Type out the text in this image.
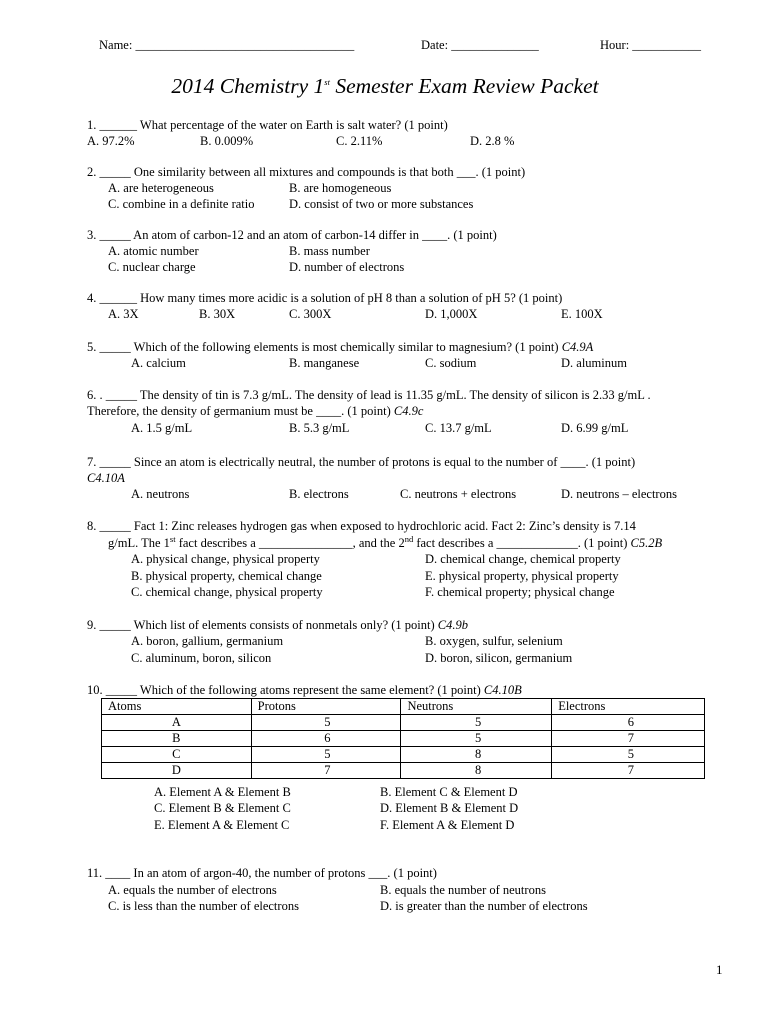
Name: ___________________________________	Date: ______________	Hour: ___________
2014 Chemistry 1st Semester Exam Review Packet
1. ______ What percentage of the water on Earth is salt water? (1 point)
A. 97.2%	B. 0.009%	C. 2.11%	D. 2.8 %
2. _____ One similarity between all mixtures and compounds is that both ___. (1 point)
A. are heterogeneous	B. are homogeneous
C. combine in a definite ratio	D. consist of two or more substances
3. _____ An atom of carbon-12 and an atom of carbon-14 differ in ____. (1 point)
A. atomic number	B. mass number
C. nuclear charge	D. number of electrons
4. ______ How many times more acidic is a solution of pH 8 than a solution of pH 5? (1 point)
A. 3X	B. 30X	C. 300X	D. 1,000X	E. 100X
5. _____ Which of the following elements is most chemically similar to magnesium? (1 point) C4.9A
A. calcium	B. manganese	C. sodium	D. aluminum
6. . _____ The density of tin is 7.3 g/mL. The density of lead is 11.35 g/mL. The density of silicon is 2.33 g/mL .
Therefore, the density of germanium must be ____. (1 point) C4.9c
A. 1.5 g/mL	B. 5.3 g/mL	C. 13.7 g/mL	D. 6.99 g/mL
7. _____ Since an atom is electrically neutral, the number of protons is equal to the number of ____. (1 point)
C4.10A
A. neutrons	B. electrons	C. neutrons + electrons	D. neutrons – electrons
8. _____ Fact 1: Zinc releases hydrogen gas when exposed to hydrochloric acid. Fact 2: Zinc’s density is 7.14
g/mL. The 1st fact describes a _______________, and the 2nd fact describes a _____________. (1 point) C5.2B
A. physical change, physical property	D. chemical change, chemical property
B. physical property, chemical change	E. physical property, physical property
C. chemical change, physical property	F. chemical property; physical change
9. _____ Which list of elements consists of nonmetals only? (1 point) C4.9b
A. boron, gallium, germanium	B. oxygen, sulfur, selenium
C. aluminum, boron, silicon	D. boron, silicon, germanium
10. _____ Which of the following atoms represent the same element? (1 point) C4.10B
Atoms	Protons	Neutrons	Electrons
A	5	5	6
B	6	5	7
C	5	8	5
D	7	8	7
A. Element A & Element B	B. Element C & Element D
C. Element B & Element C	D. Element B & Element D
E. Element A & Element C	F. Element A & Element D
11. ____ In an atom of argon-40, the number of protons ___. (1 point)
A. equals the number of electrons	B. equals the number of neutrons
C. is less than the number of electrons	D. is greater than the number of electrons
1
